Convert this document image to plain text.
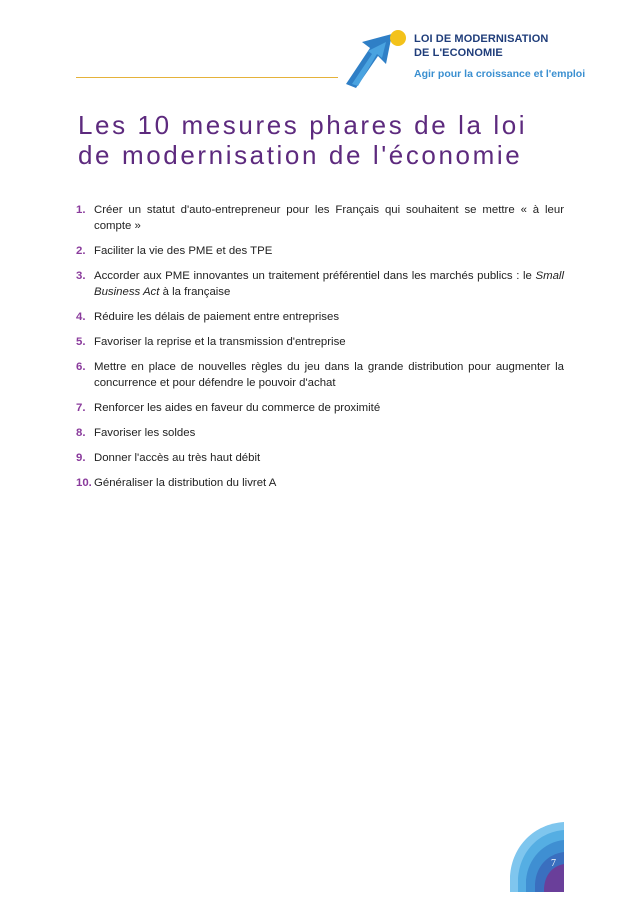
LOI DE MODERNISATION
DE L'ECONOMIE
Agir pour la croissance et l'emploi
Les 10 mesures phares de la loi
de modernisation de l'économie
1. Créer un statut d'auto-entrepreneur pour les Français qui souhaitent se mettre « à leur compte »
2. Faciliter la vie des PME et des TPE
3. Accorder aux PME innovantes un traitement préférentiel dans les marchés publics : le Small Business Act à la française
4. Réduire les délais de paiement entre entreprises
5. Favoriser la reprise et la transmission d'entreprise
6. Mettre en place de nouvelles règles du jeu dans la grande distribution pour augmenter la concurrence et pour défendre le pouvoir d'achat
7. Renforcer les aides en faveur du commerce de proximité
8. Favoriser les soldes
9. Donner l'accès au très haut débit
10. Généraliser la distribution du livret A
7
